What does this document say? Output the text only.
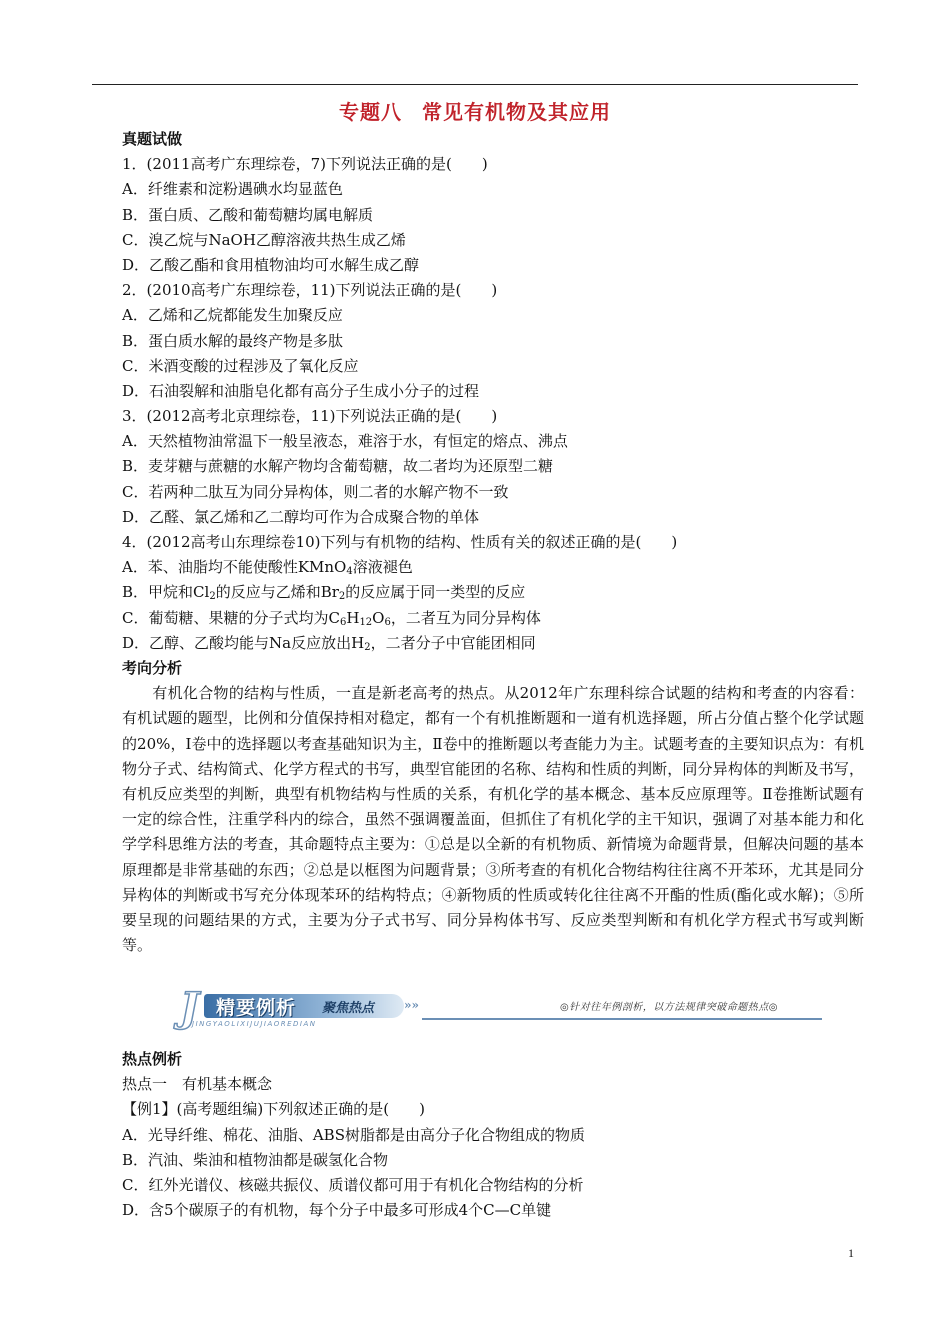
专题八 常见有机物及其应用
真题试做
1．(2011高考广东理综卷，7)下列说法正确的是(　　)
A．纤维素和淀粉遇碘水均显蓝色
B．蛋白质、乙酸和葡萄糖均属电解质
C．溴乙烷与NaOH乙醇溶液共热生成乙烯
D．乙酸乙酯和食用植物油均可水解生成乙醇
2．(2010高考广东理综卷，11)下列说法正确的是(　　)
A．乙烯和乙烷都能发生加聚反应
B．蛋白质水解的最终产物是多肽
C．米酒变酸的过程涉及了氧化反应
D．石油裂解和油脂皂化都有高分子生成小分子的过程
3．(2012高考北京理综卷，11)下列说法正确的是(　　)
A．天然植物油常温下一般呈液态，难溶于水，有恒定的熔点、沸点
B．麦芽糖与蔗糖的水解产物均含葡萄糖，故二者均为还原型二糖
C．若两种二肽互为同分异构体，则二者的水解产物不一致
D．乙醛、氯乙烯和乙二醇均可作为合成聚合物的单体
4．(2012高考山东理综卷10)下列与有机物的结构、性质有关的叙述正确的是(　　)
A．苯、油脂均不能使酸性KMnO$_4$溶液褪色
B．甲烷和$Cl_2$的反应与乙烯和$Br_2$的反应属于同一类型的反应
C．葡萄糖、果糖的分子式均为$C_6H_{12}O_6$，二者互为同分异构体
D．乙醇、乙酸均能与Na反应放出$H_2$，二者分子中官能团相同
考向分析
有机化合物的结构与性质，一直是新老高考的热点。从2012年广东理科综合试题的结构和考查的内容看：有机试题的题型，比例和分值保持相对稳定，都有一个有机推断题和一道有机选择题，所占分值占整个化学试题的20%，Ⅰ卷中的选择题以考查基础知识为主，Ⅱ卷中的推断题以考查能力为主。试题考查的主要知识点为：有机物分子式、结构简式、化学方程式的书写，典型官能团的名称、结构和性质的判断，同分异构体的判断及书写，有机反应类型的判断，典型有机物结构与性质的关系，有机化学的基本概念、基本反应原理等。Ⅱ卷推断试题有一定的综合性，注重学科内的综合，虽然不强调覆盖面，但抓住了有机化学的主干知识，强调了对基本能力和化学学科思维方法的考查，其命题特点主要为：①总是以全新的有机物质、新情境为命题背景，但解决问题的基本原理都是非常基础的东西；②总是以框图为问题背景；③所考查的有机化合物结构往往离不开苯环，尤其是同分异构体的判断或书写充分体现苯环的结构特点；④新物质的性质或转化往往离不开酯的性质(酯化或水解)；⑤所要呈现的问题结果的方式，主要为分子式书写、同分异构体书写、反应类型判断和有机化学方程式书写或判断等。
J 精要例析 聚焦热点 »»
JINGYAOLIXIJUJIAOREDIAN
◎针对往年例剖析，以方法规律突破命题热点◎
热点例析
热点一　有机基本概念
【例1】(高考题组编)下列叙述正确的是(　　)
A．光导纤维、棉花、油脂、ABS树脂都是由高分子化合物组成的物质
B．汽油、柴油和植物油都是碳氢化合物
C．红外光谱仪、核磁共振仪、质谱仪都可用于有机化合物结构的分析
D．含5个碳原子的有机物，每个分子中最多可形成4个C—C单键
1
